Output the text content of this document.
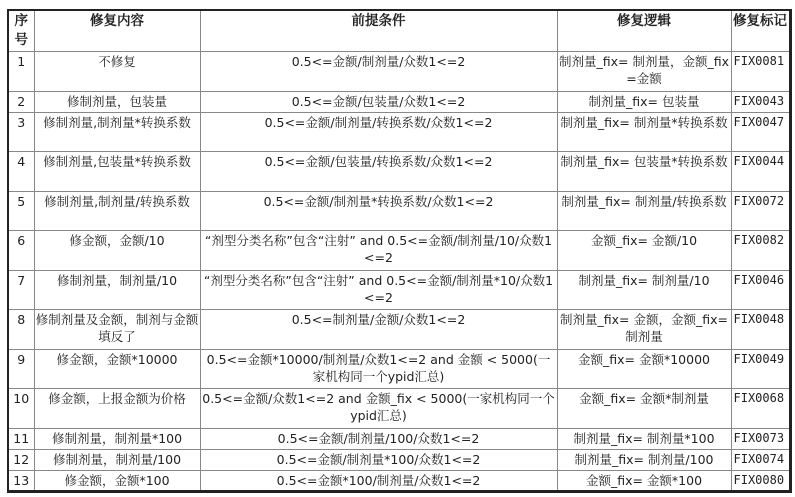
序号	修复内容	前提条件	修复逻辑	修复标记
1	不修复	0.5<=金额/制剂量/众数1<=2	制剂量_fix= 制剂量，金额_fix=金额	FIX0081
2	修制剂量，包装量	0.5<=金额/包装量/众数1<=2	制剂量_fix= 包装量	FIX0043
3	修制剂量,制剂量*转换系数	0.5<=金额/制剂量/转换系数/众数1<=2	制剂量_fix= 制剂量*转换系数	FIX0047
4	修制剂量,包装量*转换系数	0.5<=金额/包装量/转换系数/众数1<=2	制剂量_fix= 包装量*转换系数	FIX0044
5	修制剂量,制剂量/转换系数	0.5<=金额/制剂量*转换系数/众数1<=2	制剂量_fix= 制剂量/转换系数	FIX0072
6	修金额，金额/10	“剂型分类名称”包含“注射” and 0.5<=金额/制剂量/10/众数1<=2	金额_fix= 金额/10	FIX0082
7	修制剂量，制剂量/10	“剂型分类名称”包含“注射” and 0.5<=金额/制剂量*10/众数1<=2	制剂量_fix= 制剂量/10	FIX0046
8	修制剂量及金额，制剂与金额填反了	0.5<=制剂量/金额/众数1<=2	制剂量_fix= 金额，金额_fix=制剂量	FIX0048
9	修金额，金额*10000	0.5<=金额*10000/制剂量/众数1<=2 and 金额 < 5000(一家机构同一个ypid汇总)	金额_fix= 金额*10000	FIX0049
10	修金额，上报金额为价格	0.5<=金额/众数1<=2 and 金额_fix < 5000(一家机构同一个ypid汇总)	金额_fix= 金额*制剂量	FIX0068
11	修制剂量，制剂量*100	0.5<=金额/制剂量/100/众数1<=2	制剂量_fix= 制剂量*100	FIX0073
12	修制剂量，制剂量/100	0.5<=金额/制剂量*100/众数1<=2	制剂量_fix= 制剂量/100	FIX0074
13	修金额，金额*100	0.5<=金额*100/制剂量/众数1<=2	金额_fix= 金额*100	FIX0080
